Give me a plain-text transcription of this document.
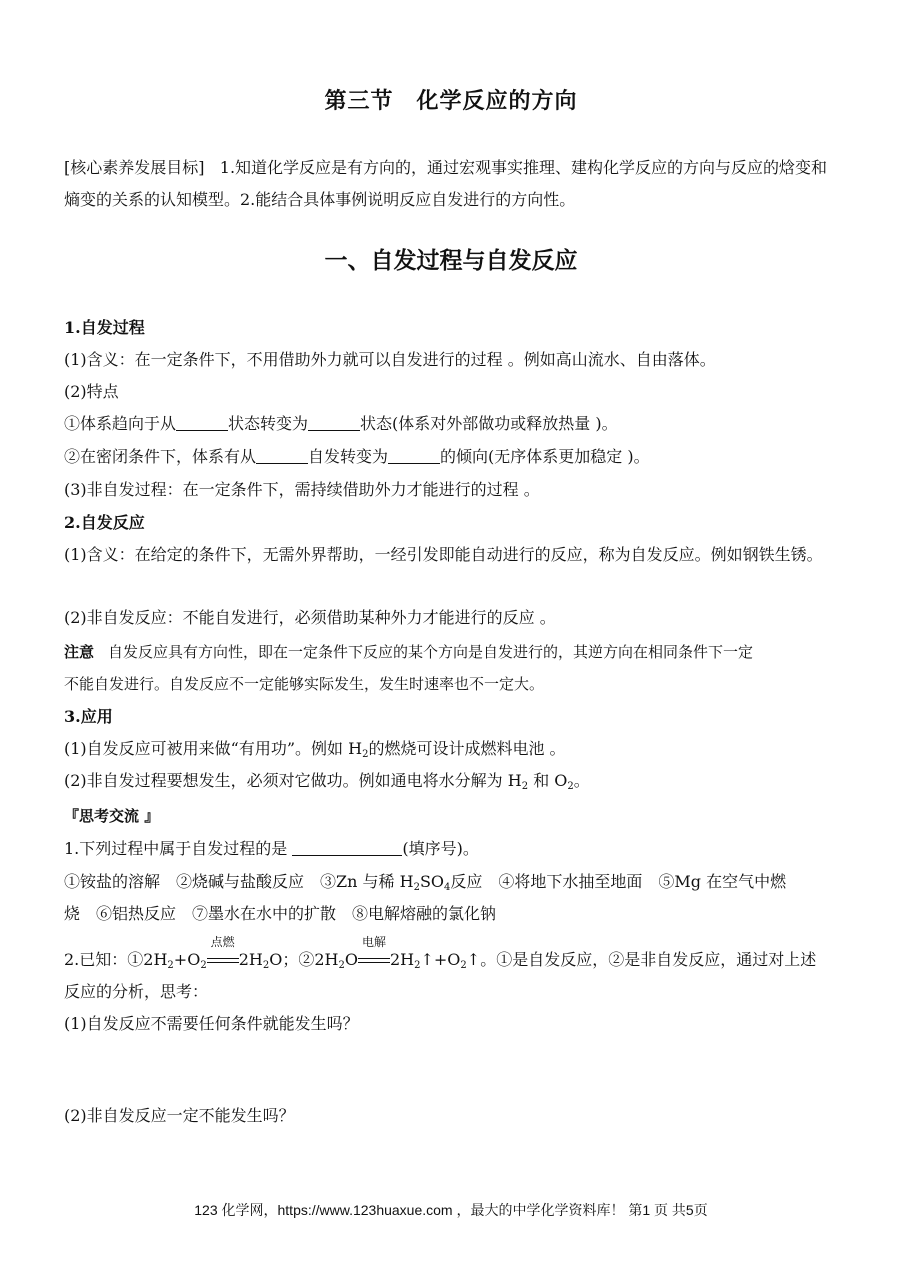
第三节　化学反应的方向
[核心素养发展目标] 1.知道化学反应是有方向的，通过宏观事实推理、建构化学反应的方向与反应的焓变和熵变的关系的认知模型。2.能结合具体事例说明反应自发进行的方向性。
一、自发过程与自发反应
1.自发过程
(1)含义：在一定条件下，不用借助外力就可以自发进行的过程 。例如高山流水、自由落体。
(2)特点
①体系趋向于从	状态转变为	状态(体系对外部做功或释放热量 )。
②在密闭条件下，体系有从	自发转变为	的倾向(无序体系更加稳定 )。
(3)非自发过程：在一定条件下，需持续借助外力才能进行的过程 。
2.自发反应
(1)含义：在给定的条件下，无需外界帮助，一经引发即能自动进行的反应，称为自发反应。例如钢铁生锈。
(2)非自发反应：不能自发进行，必须借助某种外力才能进行的反应 。
注意 自发反应具有方向性，即在一定条件下反应的某个方向是自发进行的，其逆方向在相同条件下一定
不能自发进行。自发反应不一定能够实际发生，发生时速率也不一定大。
3.应用
(1)自发反应可被用来做“有用功”。例如 $H_2$的燃烧可设计成燃料电池 。
(2)非自发过程要想发生，必须对它做功。例如通电将水分解为 $H_2$ 和 $O_2$。
『思考交流 』
1.下列过程中属于自发过程的是	(填序号)。
①铵盐的溶解　②烧碱与盐酸反应　③Zn 与稀 $H_2SO_4$反应　④将地下水抽至地面　⑤Mg 在空气中燃
烧　⑥铝热反应　⑦墨水在水中的扩散　⑧电解熔融的氯化钠
2.已知：$①2H_2+O_2$
点燃
$2H_2O$；$②2H_2O$
电解
$2H_2↑+O_2↑$。①是自发反应，②是非自发反应，通过对上述
反应的分析，思考：
(1)自发反应不需要任何条件就能发生吗？
(2)非自发反应一定不能发生吗？
123 化学网，https://www.123huaxue.com ，最大的中学化学资料库！ 第1 页 共5页
